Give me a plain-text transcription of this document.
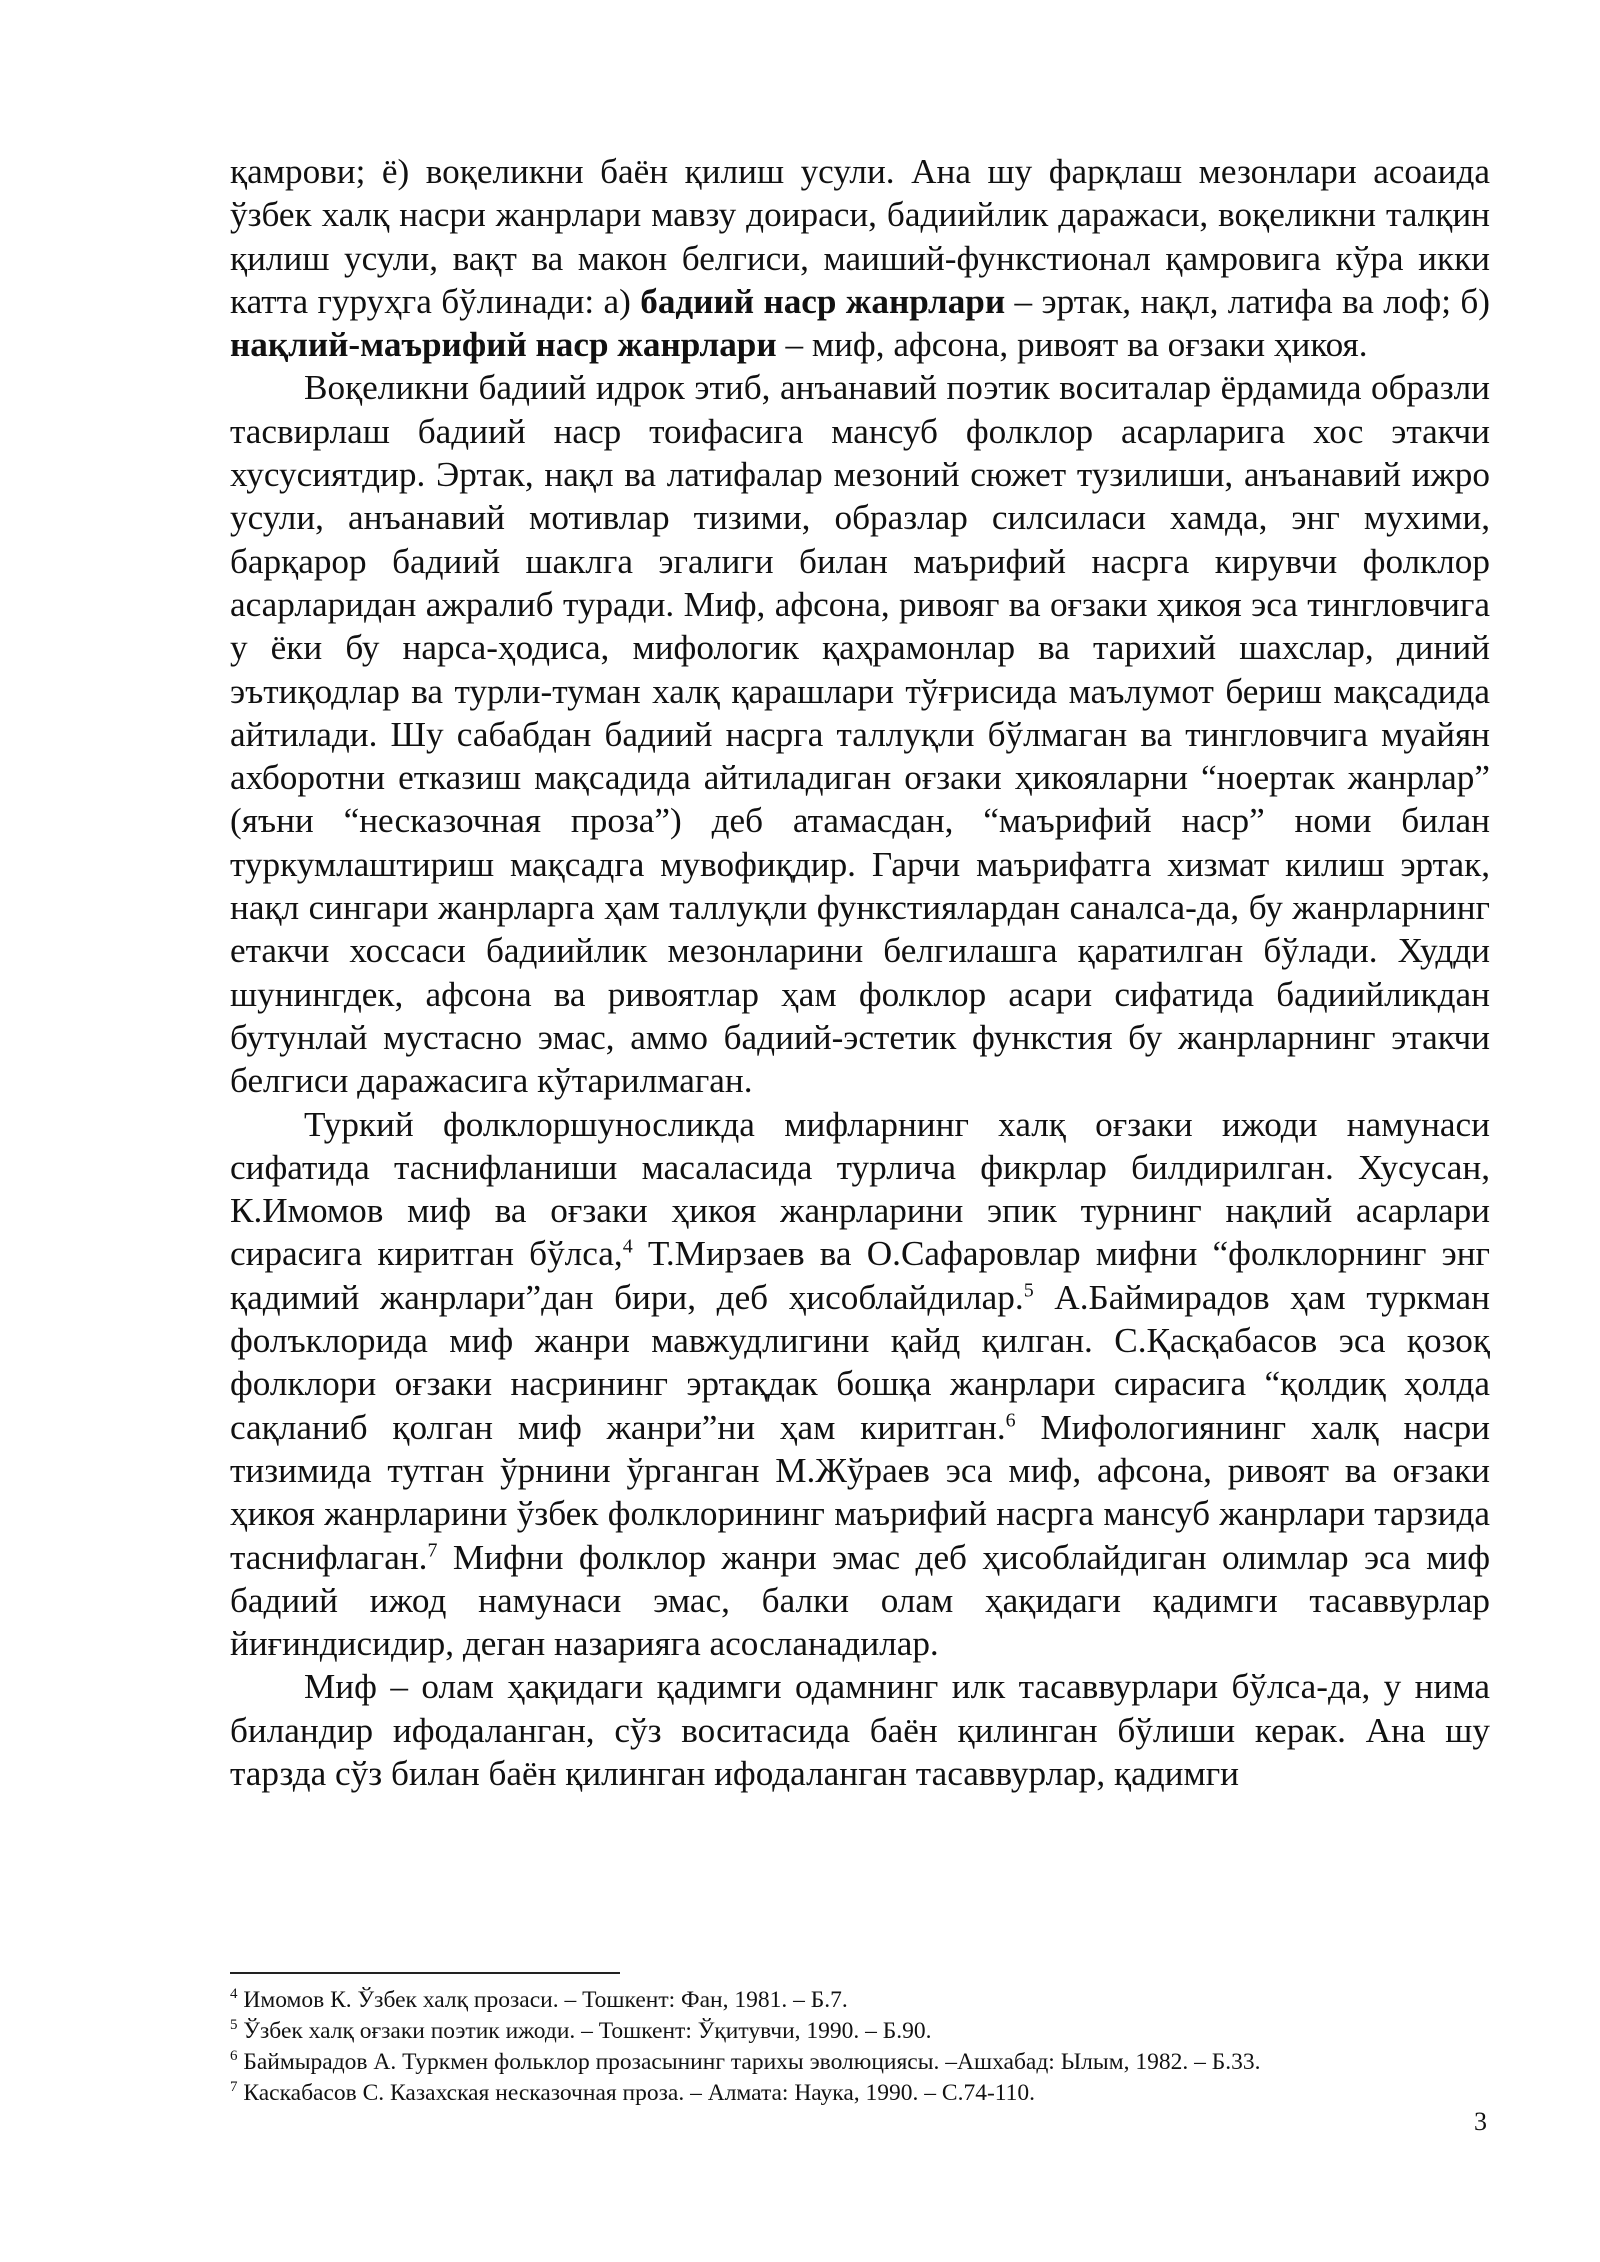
қамрови; ё) воқеликни баён қилиш усули. Ана шу фарқлаш мезонлари асоаида ўзбек халқ насри жанрлари мавзу доираси, бадиийлик даражаси, воқеликни талқин қилиш усули, вақт ва макон белгиси, маиший-функстионал қамровига кўра икки катта гуруҳга бўлинади: а) бадиий наср жанрлари – эртак, нақл, латифа ва лоф; б) нақлий-маърифий наср жанрлари – миф, афсона, ривоят ва оғзаки ҳикоя.

Воқеликни бадиий идрок этиб, анъанавий поэтик воситалар ёрдамида образли тасвирлаш бадиий наср тоифасига мансуб фолклор асарларига хос этакчи хусусиятдир. Эртак, нақл ва латифалар мезоний сюжет тузилиши, анъанавий ижро усули, анъанавий мотивлар тизими, образлар силсиласи хамда, энг мухими, барқарор бадиий шаклга эгалиги билан маърифий насрга кирувчи фолклор асарларидан ажралиб туради. Миф, афсона, ривояг ва оғзаки ҳикоя эса тингловчига у ёки бу нарса-ҳодиса, мифологик қаҳрамонлар ва тарихий шахслар, диний эътиқодлар ва турли-туман халқ қарашлари тўғрисида маълумот бериш мақсадида айтилади. Шу сабабдан бадиий насрга таллуқли бўлмаган ва тингловчига муайян ахборотни етказиш мақсадида айтиладиган оғзаки ҳикояларни “ноертак жанрлар” (яъни “несказочная проза”) деб атамасдан, “маърифий наср” номи билан туркумлаштириш мақсадга мувофиқдир. Гарчи маърифатга хизмат килиш эртак, нақл сингари жанрларга ҳам таллуқли функстиялардан саналса-да, бу жанрларнинг етакчи хоссаси бадиийлик мезонларини белгилашга қаратилган бўлади. Худди шунингдек, афсона ва ривоятлар ҳам фолклор асари сифатида бадиийликдан бутунлай мустасно эмас, аммо бадиий-эстетик функстия бу жанрларнинг этакчи белгиси даражасига кўтарилмаган.

Туркий фолклоршуносликда мифларнинг халқ оғзаки ижоди намунаси сифатида таснифланиши масаласида турлича фикрлар билдирилган. Хусусан, К.Имомов миф ва оғзаки ҳикоя жанрларини эпик турнинг нақлий асарлари сирасига киритган бўлса,$^4$ Т.Мирзаев ва О.Сафаровлар мифни “фолклорнинг энг қадимий жанрлари”дан бири, деб ҳисоблайдилар.$^5$ А.Баймирадов ҳам туркман фолъклорида миф жанри мавжудлигини қайд қилган. С.Қасқабасов эса қозоқ фолклори оғзаки насрининг эртақдак бошқа жанрлари сирасига “қолдиқ ҳолда сақланиб қолган миф жанри”ни ҳам киритган.$^6$ Мифологиянинг халқ насри тизимида тутган ўрнини ўрганган М.Жўраев эса миф, афсона, ривоят ва оғзаки ҳикоя жанрларини ўзбек фолклорининг маърифий насрга мансуб жанрлари тарзида таснифлаган.$^7$ Мифни фолклор жанри эмас деб ҳисоблайдиган олимлар эса миф бадиий ижод намунаси эмас, балки олам ҳақидаги қадимги тасаввурлар йиғиндисидир, деган назарияга асосланадилар.

Миф – олам ҳақидаги қадимги одамнинг илк тасаввурлари бўлса-да, у нима биландир ифодаланган, сўз воситасида баён қилинган бўлиши керак. Ана шу тарзда сўз билан баён қилинган ифодаланган тасаввурлар, қадимги

$^4$ Имомов К. Ўзбек халқ прозаси. – Тошкент: Фан, 1981. – Б.7.

$^5$ Ўзбек халқ оғзаки поэтик ижоди. – Тошкент: Ўқитувчи, 1990. – Б.90.

$^6$ Баймырадов А. Туркмен фольклор прозасынинг тарихы эволюциясы. –Ашхабад: Ылым, 1982. – Б.33.

$^7$ Каскабасов С. Казахская несказочная проза. – Алмата: Наука, 1990. – С.74-110.

3
